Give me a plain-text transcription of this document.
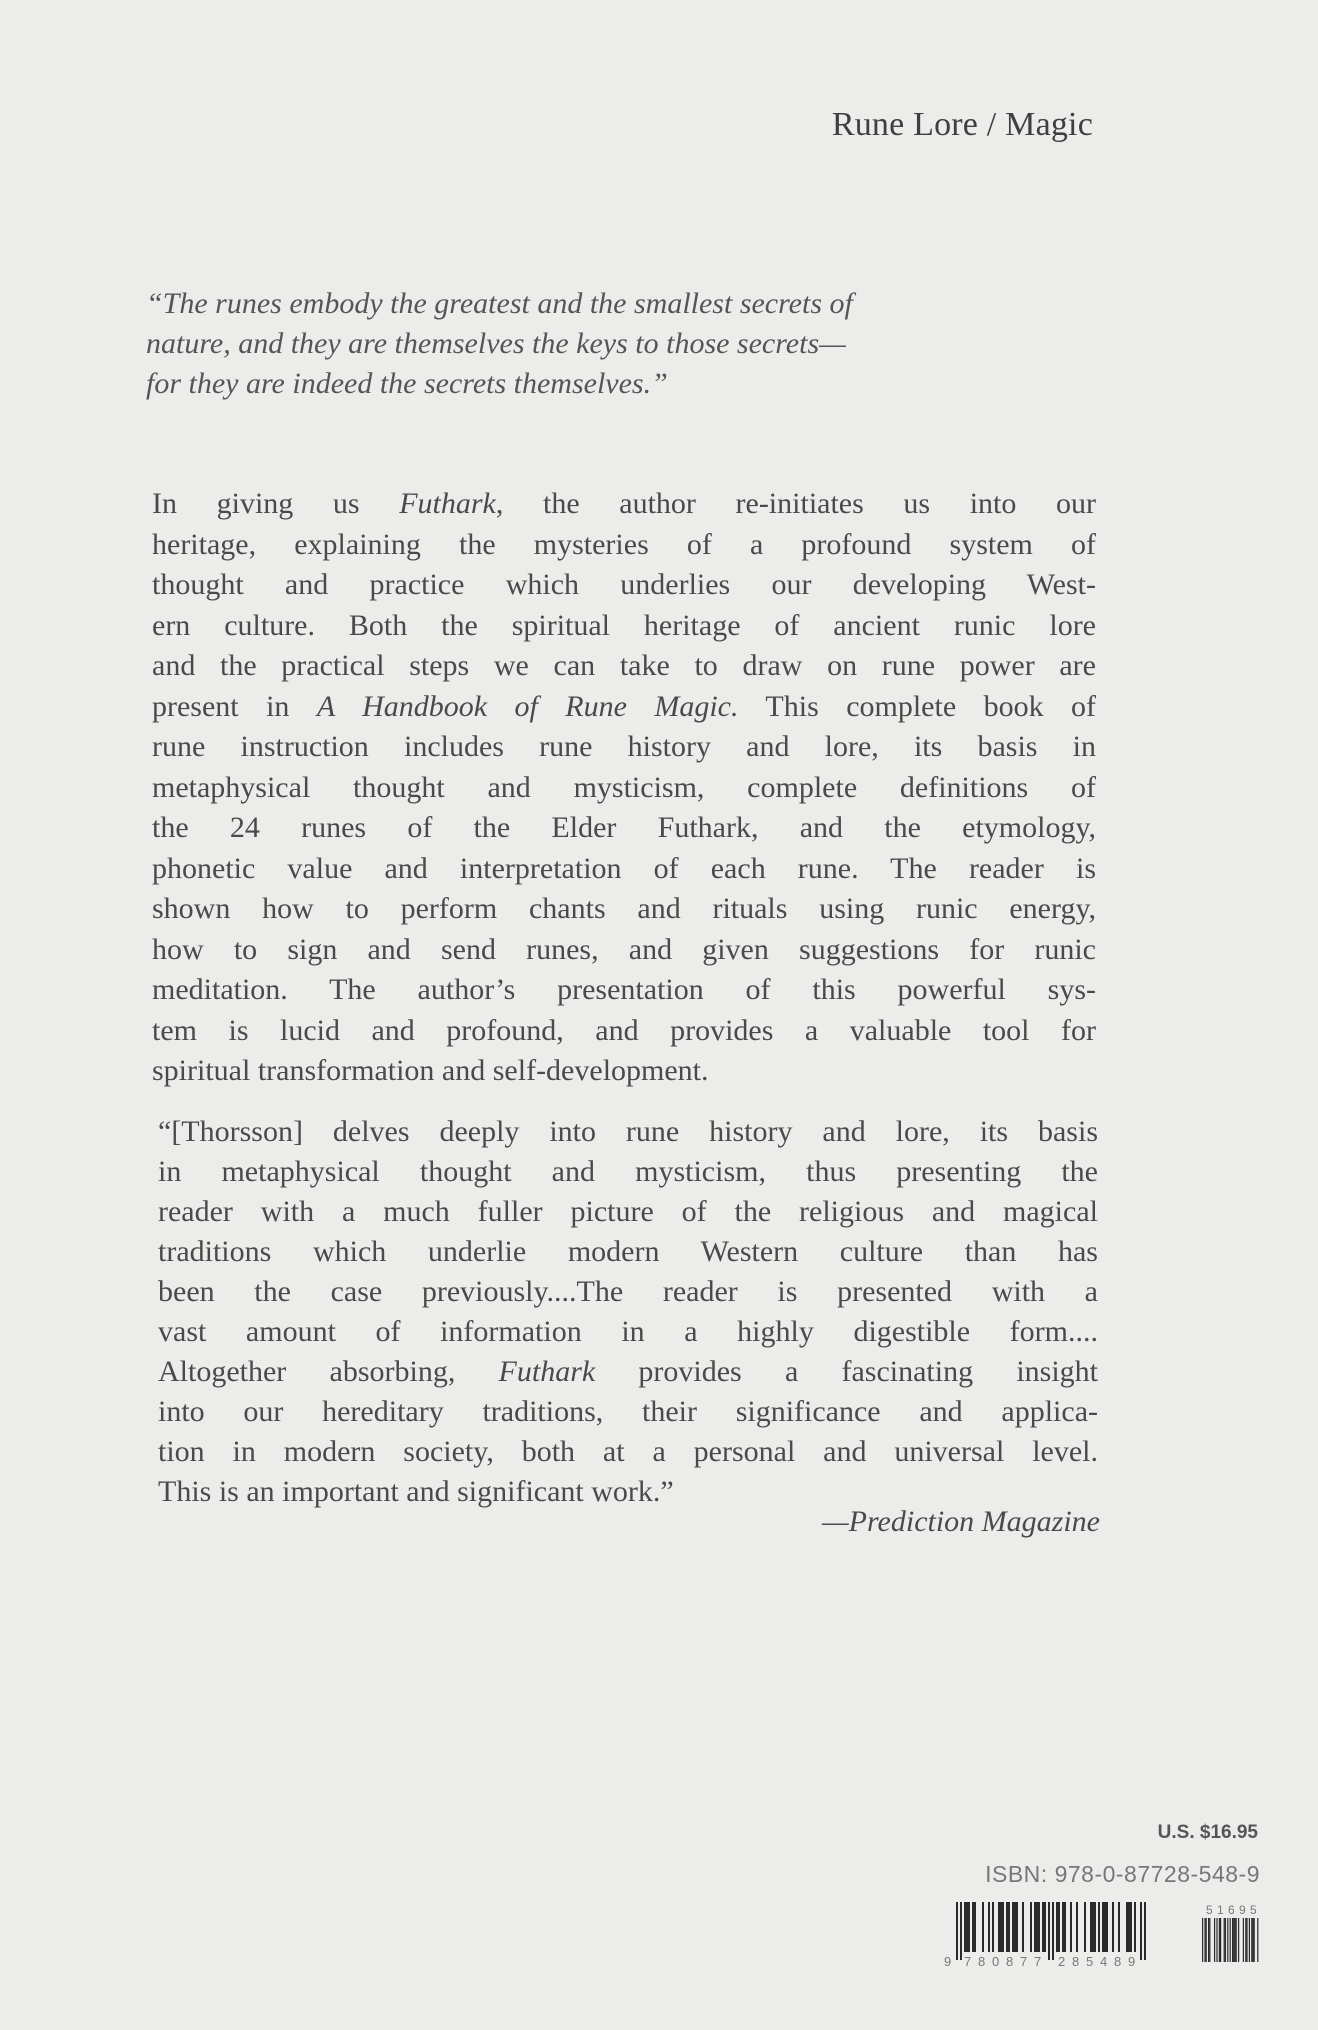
Rune Lore / Magic
“The runes embody the greatest and the smallest secrets of
nature, and they are themselves the keys to those secrets—
for they are indeed the secrets themselves.”
In giving us Futhark, the author re-initiates us into our
heritage, explaining the mysteries of a profound system of
thought and practice which underlies our developing West-
ern culture. Both the spiritual heritage of ancient runic lore
and the practical steps we can take to draw on rune power are
present in A Handbook of Rune Magic. This complete book of
rune instruction includes rune history and lore, its basis in
metaphysical thought and mysticism, complete definitions of
the 24 runes of the Elder Futhark, and the etymology,
phonetic value and interpretation of each rune. The reader is
shown how to perform chants and rituals using runic energy,
how to sign and send runes, and given suggestions for runic
meditation. The author’s presentation of this powerful sys-
tem is lucid and profound, and provides a valuable tool for
spiritual transformation and self-development.
“[Thorsson] delves deeply into rune history and lore, its basis
in metaphysical thought and mysticism, thus presenting the
reader with a much fuller picture of the religious and magical
traditions which underlie modern Western culture than has
been the case previously....The reader is presented with a
vast amount of information in a highly digestible form....
Altogether absorbing, Futhark provides a fascinating insight
into our hereditary traditions, their significance and applica-
tion in modern society, both at a personal and universal level.
This is an important and significant work.”
—Prediction Magazine
U.S. $16.95
ISBN: 978-0-87728-548-9
9 7 8 0 8 7 7 2 8 5 4 8 9
5 1 6 9 5
